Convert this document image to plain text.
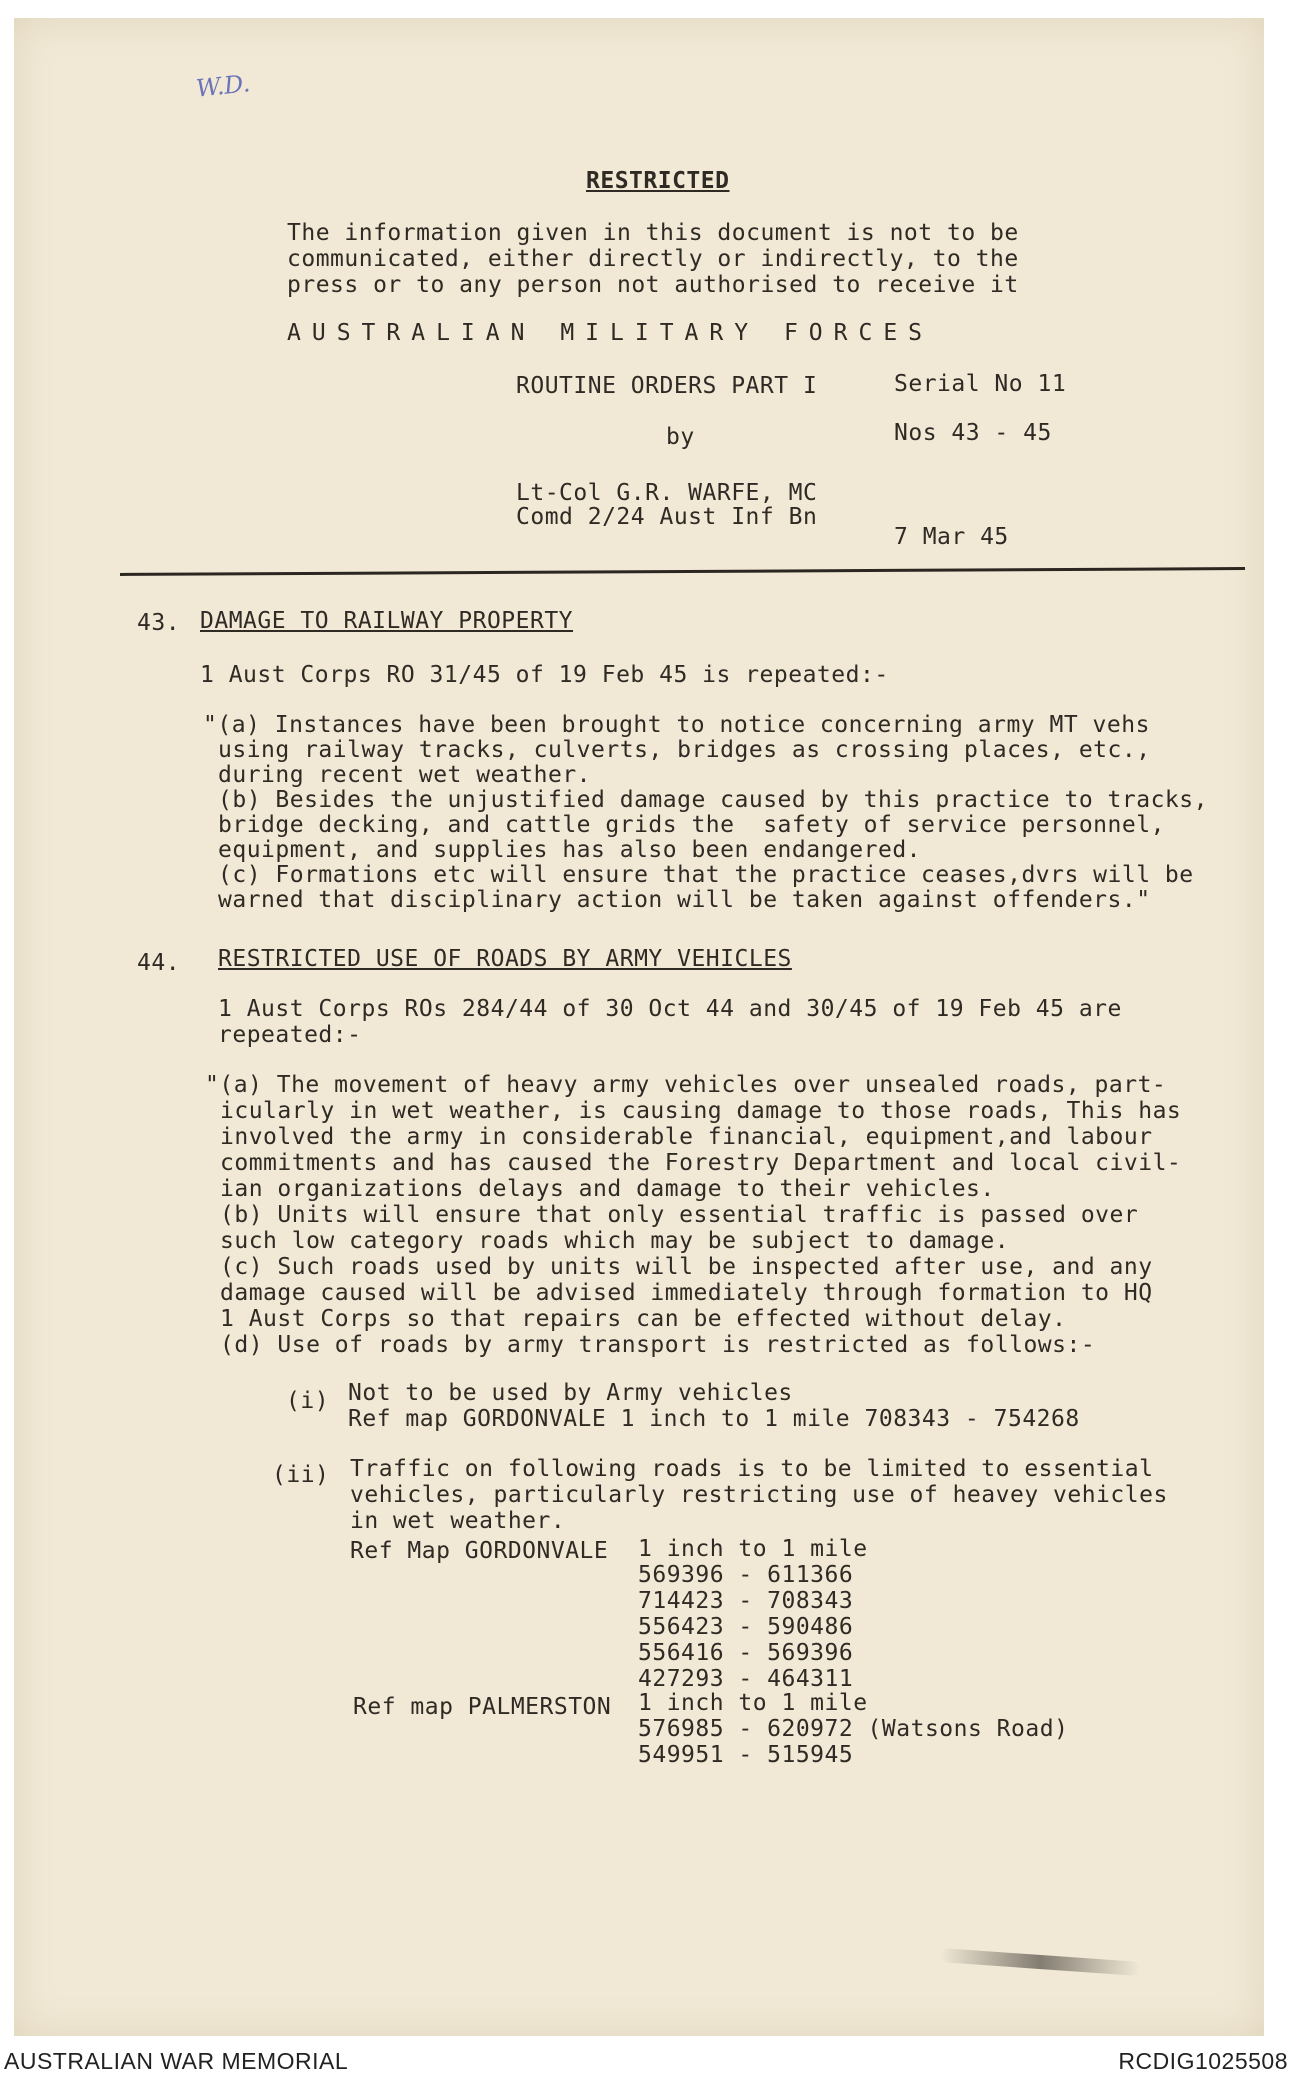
W.D.
RESTRICTED
The information given in this document is not to be
communicated, either directly or indirectly, to the
press or to any person not authorised to receive it
AUSTRALIAN MILITARY FORCES
ROUTINE ORDERS PART I	Serial No 11
by	Nos 43 - 45
Lt-Col G.R. WARFE, MC
Comd 2/24 Aust Inf Bn
7 Mar 45
43. DAMAGE TO RAILWAY PROPERTY
1 Aust Corps RO 31/45 of 19 Feb 45 is repeated:-
"(a) Instances have been brought to notice concerning army MT vehs
using railway tracks, culverts, bridges as crossing places, etc.,
during recent wet weather.
(b) Besides the unjustified damage caused by this practice to tracks,
bridge decking, and cattle grids the  safety of service personnel,
equipment, and supplies has also been endangered.
(c) Formations etc will ensure that the practice ceases,dvrs will be
warned that disciplinary action will be taken against offenders."
44. RESTRICTED USE OF ROADS BY ARMY VEHICLES
1 Aust Corps ROs 284/44 of 30 Oct 44 and 30/45 of 19 Feb 45 are
repeated:-
"(a) The movement of heavy army vehicles over unsealed roads, part-
icularly in wet weather, is causing damage to those roads, This has
involved the army in considerable financial, equipment,and labour
commitments and has caused the Forestry Department and local civil-
ian organizations delays and damage to their vehicles.
(b) Units will ensure that only essential traffic is passed over
such low category roads which may be subject to damage.
(c) Such roads used by units will be inspected after use, and any
damage caused will be advised immediately through formation to HQ
1 Aust Corps so that repairs can be effected without delay.
(d) Use of roads by army transport is restricted as follows:-
(i) Not to be used by Army vehicles
Ref map GORDONVALE 1 inch to 1 mile 708343 - 754268
(ii) Traffic on following roads is to be limited to essential
vehicles, particularly restricting use of heavey vehicles
in wet weather.
Ref Map GORDONVALE 1 inch to 1 mile
569396 - 611366
714423 - 708343
556423 - 590486
556416 - 569396
427293 - 464311
Ref map PALMERSTON 1 inch to 1 mile
576985 - 620972 (Watsons Road)
549951 - 515945
AUSTRALIAN WAR MEMORIAL	RCDIG1025508
